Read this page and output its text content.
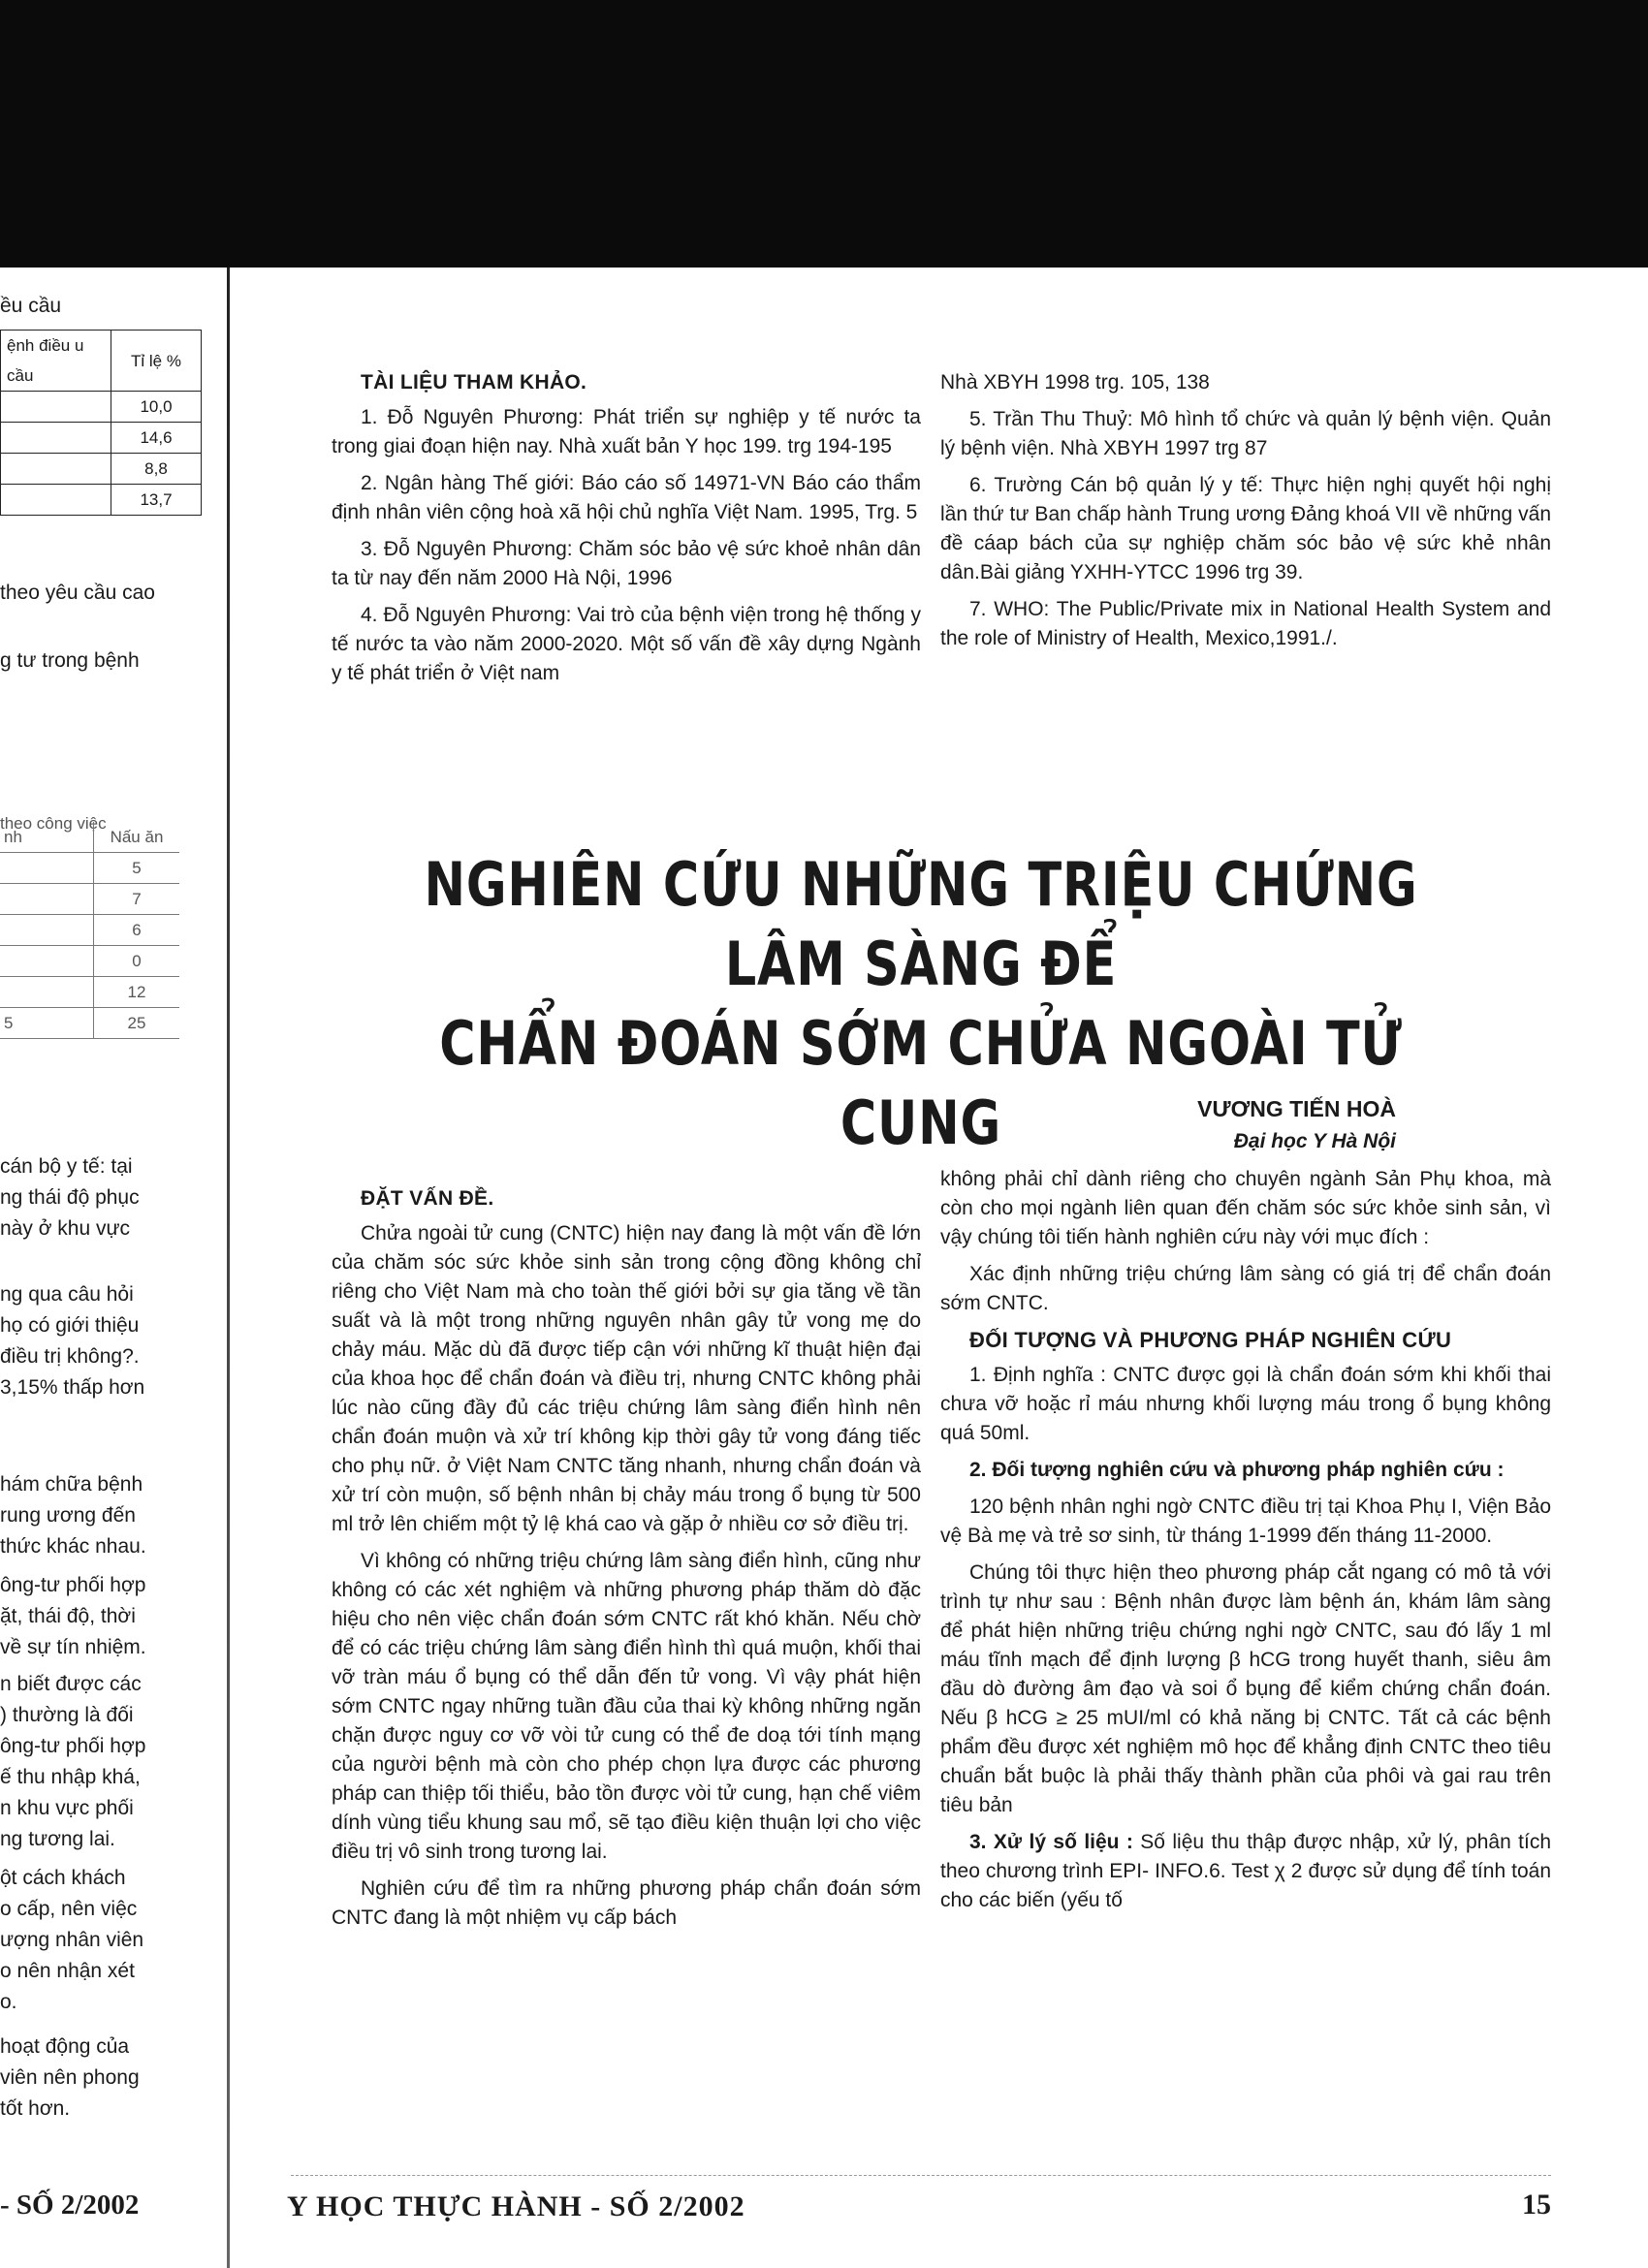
ều cầu
ệnh điều u cầu	Tỉ lệ %
	10,0
	14,6
	8,8
	13,7
theo yêu cầu cao
g tư trong bệnh
theo công việc
nh	Nấu ăn
	5
	7
	6
	0
	12
5	25
cán bộ y tế: tại
ng thái độ phục
này ở khu vực
ng qua câu hỏi
họ có giới thiệu
điều trị không?.
3,15% thấp hơn
hám chữa bệnh
rung ương đến
thức khác nhau.
ông-tư phối hợp
ặt, thái độ, thời
về sự tín nhiệm.
n biết được các
) thường là đối
ông-tư phối hợp
ế thu nhập khá,
n khu vực phối
ng tương lai.
ột cách khách
o cấp, nên việc
ượng nhân viên
o nên nhận xét
o.
hoạt động của
viên nên phong
tốt hơn.
- SỐ 2/2002
TÀI LIỆU THAM KHẢO.

1. Đỗ Nguyên Phương: Phát triển sự nghiệp y tế nước ta trong giai đoạn hiện nay. Nhà xuất bản Y học 199. trg 194-195

2. Ngân hàng Thế giới: Báo cáo số 14971-VN Báo cáo thẩm định nhân viên cộng hoà xã hội chủ nghĩa Việt Nam. 1995, Trg. 5

3. Đỗ Nguyên Phương: Chăm sóc bảo vệ sức khoẻ nhân dân ta từ nay đến năm 2000 Hà Nội, 1996

4. Đỗ Nguyên Phương: Vai trò của bệnh viện trong hệ thống y tế nước ta vào năm 2000-2020. Một số vấn đề xây dựng Ngành y tế phát triển ở Việt nam

Nhà XBYH 1998 trg. 105, 138

5. Trần Thu Thuỷ: Mô hình tổ chức và quản lý bệnh viện. Quản lý bệnh viện. Nhà XBYH 1997 trg 87

6. Trường Cán bộ quản lý y tế: Thực hiện nghị quyết hội nghị lần thứ tư Ban chấp hành Trung ương Đảng khoá VII về những vấn đề cáap bách của sự nghiệp chăm sóc bảo vệ sức khẻ nhân dân.Bài giảng YXHH-YTCC 1996 trg 39.

7. WHO: The Public/Private mix in National Health System and the role of Ministry of Health, Mexico,1991./.

NGHIÊN CỨU NHỮNG TRIỆU CHỨNG LÂM SÀNG ĐỂ
CHẨN ĐOÁN SỚM CHỬA NGOÀI TỬ CUNG	VƯƠNG TIẾN HOÀ
Đại học Y Hà Nội
ĐẶT VẤN ĐỀ.

Chửa ngoài tử cung (CNTC) hiện nay đang là một vấn đề lớn của chăm sóc sức khỏe sinh sản trong cộng đồng không chỉ riêng cho Việt Nam mà cho toàn thế giới bởi sự gia tăng về tần suất và là một trong những nguyên nhân gây tử vong mẹ do chảy máu. Mặc dù đã được tiếp cận với những kĩ thuật hiện đại của khoa học để chẩn đoán và điều trị, nhưng CNTC không phải lúc nào cũng đầy đủ các triệu chứng lâm sàng điển hình nên chẩn đoán muộn và xử trí không kịp thời gây tử vong đáng tiếc cho phụ nữ. ở Việt Nam CNTC tăng nhanh, nhưng chẩn đoán và xử trí còn muộn, số bệnh nhân bị chảy máu trong ổ bụng từ 500 ml trở lên chiếm một tỷ lệ khá cao và gặp ở nhiều cơ sở điều trị.

Vì không có những triệu chứng lâm sàng điển hình, cũng như không có các xét nghiệm và những phương pháp thăm dò đặc hiệu cho nên việc chẩn đoán sớm CNTC rất khó khăn. Nếu chờ để có các triệu chứng lâm sàng điển hình thì quá muộn, khối thai vỡ tràn máu ổ bụng có thể dẫn đến tử vong. Vì vậy phát hiện sớm CNTC ngay những tuần đầu của thai kỳ không những ngăn chặn được nguy cơ vỡ vòi tử cung có thể đe doạ tới tính mạng của người bệnh mà còn cho phép chọn lựa được các phương pháp can thiệp tối thiểu, bảo tồn được vòi tử cung, hạn chế viêm dính vùng tiểu khung sau mổ, sẽ tạo điều kiện thuận lợi cho việc điều trị vô sinh trong tương lai.

Nghiên cứu để tìm ra những phương pháp chẩn đoán sớm CNTC đang là một nhiệm vụ cấp bách

không phải chỉ dành riêng cho chuyên ngành Sản Phụ khoa, mà còn cho mọi ngành liên quan đến chăm sóc sức khỏe sinh sản, vì vậy chúng tôi tiến hành nghiên cứu này với mục đích :

Xác định những triệu chứng lâm sàng có giá trị để chẩn đoán sớm CNTC.

ĐỐI TƯỢNG VÀ PHƯƠNG PHÁP NGHIÊN CỨU

1. Định nghĩa : CNTC được gọi là chẩn đoán sớm khi khối thai chưa vỡ hoặc rỉ máu nhưng khối lượng máu trong ổ bụng không quá 50ml.

2. Đối tượng nghiên cứu và phương pháp nghiên cứu :

120 bệnh nhân nghi ngờ CNTC điều trị tại Khoa Phụ I, Viện Bảo vệ Bà mẹ và trẻ sơ sinh, từ tháng 1-1999 đến tháng 11-2000.

Chúng tôi thực hiện theo phương pháp cắt ngang có mô tả với trình tự như sau : Bệnh nhân được làm bệnh án, khám lâm sàng để phát hiện những triệu chứng nghi ngờ CNTC, sau đó lấy 1 ml máu tĩnh mạch để định lượng β hCG trong huyết thanh, siêu âm đầu dò đường âm đạo và soi ổ bụng để kiểm chứng chẩn đoán. Nếu β hCG ≥ 25 mUI/ml có khả năng bị CNTC. Tất cả các bệnh phẩm đều được xét nghiệm mô học để khẳng định CNTC theo tiêu chuẩn bắt buộc là phải thấy thành phần của phôi và gai rau trên tiêu bản

3. Xử lý số liệu : Số liệu thu thập được nhập, xử lý, phân tích theo chương trình EPI- INFO.6. Test χ 2 được sử dụng để tính toán cho các biến (yếu tố

Y HỌC THỰC HÀNH - SỐ 2/2002	15
